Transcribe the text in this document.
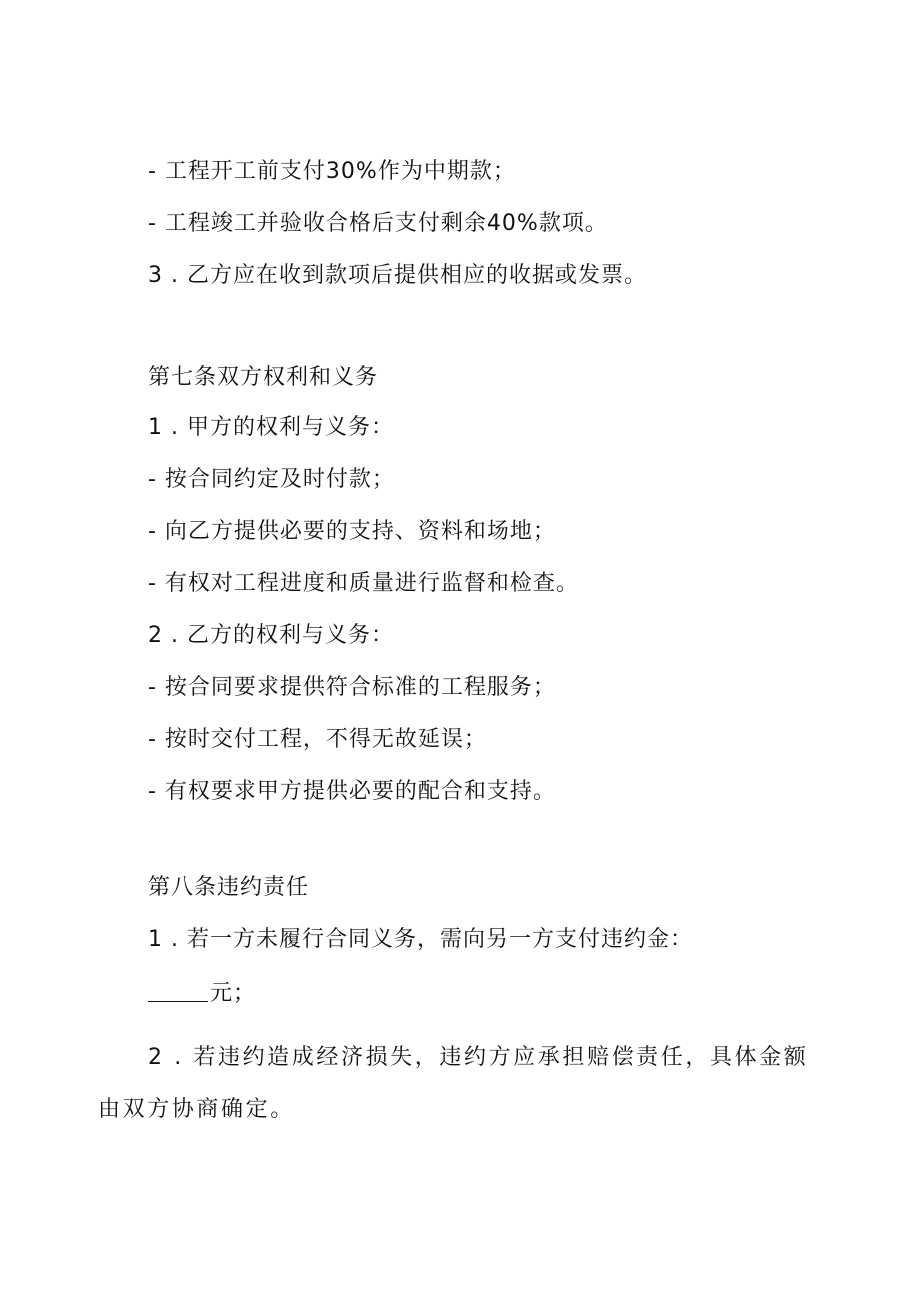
- 工程开工前支付30%作为中期款；
- 工程竣工并验收合格后支付剩余40%款项。
3 . 乙方应在收到款项后提供相应的收据或发票。
第七条双方权利和义务
1 . 甲方的权利与义务：
- 按合同约定及时付款；
- 向乙方提供必要的支持、资料和场地；
- 有权对工程进度和质量进行监督和检查。
2 . 乙方的权利与义务：
- 按合同要求提供符合标准的工程服务；
- 按时交付工程，不得无故延误；
- 有权要求甲方提供必要的配合和支持。
第八条违约责任
1 . 若一方未履行合同义务，需向另一方支付违约金：
元；
2 . 若违约造成经济损失，违约方应承担赔偿责任，具体金额由双方协商确定。
